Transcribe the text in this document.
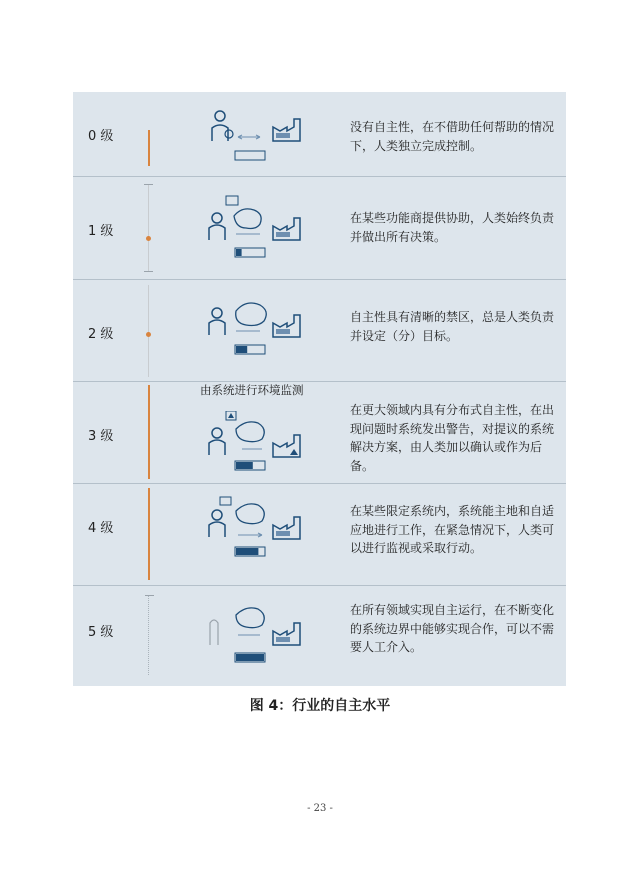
0 级
没有自主性，在不借助任何帮助的情况下，人类独立完成控制。
1 级
在某些功能商提供协助，人类始终负责并做出所有决策。
2 级
自主性具有清晰的禁区，总是人类负责并设定（分）目标。
3 级
在更大领域内具有分布式自主性，在出现问题时系统发出警告，对提议的系统解决方案，由人类加以确认或作为后备。
4 级
在某些限定系统内，系统能主地和自适应地进行工作，在紧急情况下，人类可以进行监视或采取行动。
5 级
在所有领域实现自主运行，在不断变化的系统边界中能够实现合作，可以不需要人工介入。
由系统进行环境监测
图 4：行业的自主水平
- 23 -
